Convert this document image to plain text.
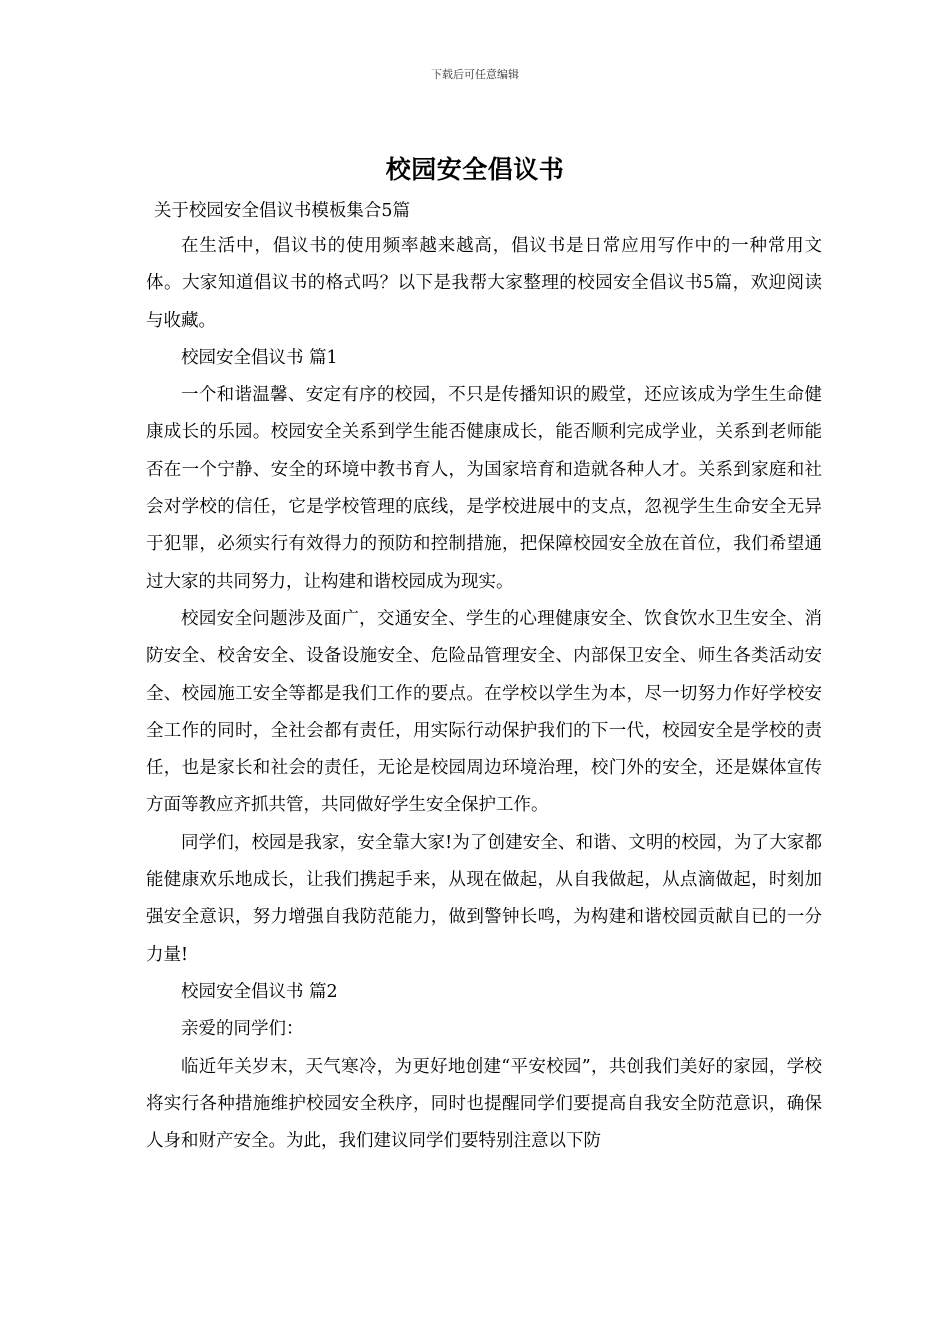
下载后可任意编辑
校园安全倡议书

关于校园安全倡议书模板集合5篇

在生活中，倡议书的使用频率越来越高，倡议书是日常应用写作中的一种常用文体。大家知道倡议书的格式吗？以下是我帮大家整理的校园安全倡议书5篇，欢迎阅读与收藏。

校园安全倡议书 篇1

一个和谐温馨、安定有序的校园，不只是传播知识的殿堂，还应该成为学生生命健康成长的乐园。校园安全关系到学生能否健康成长，能否顺利完成学业，关系到老师能否在一个宁静、安全的环境中教书育人，为国家培育和造就各种人才。关系到家庭和社会对学校的信任，它是学校管理的底线，是学校进展中的支点，忽视学生生命安全无异于犯罪，必须实行有效得力的预防和控制措施，把保障校园安全放在首位，我们希望通过大家的共同努力，让构建和谐校园成为现实。

校园安全问题涉及面广，交通安全、学生的心理健康安全、饮食饮水卫生安全、消防安全、校舍安全、设备设施安全、危险品管理安全、内部保卫安全、师生各类活动安全、校园施工安全等都是我们工作的要点。在学校以学生为本，尽一切努力作好学校安全工作的同时，全社会都有责任，用实际行动保护我们的下一代，校园安全是学校的责任，也是家长和社会的责任，无论是校园周边环境治理，校门外的安全，还是媒体宣传方面等教应齐抓共管，共同做好学生安全保护工作。

同学们，校园是我家，安全靠大家!为了创建安全、和谐、文明的校园，为了大家都能健康欢乐地成长，让我们携起手来，从现在做起，从自我做起，从点滴做起，时刻加强安全意识，努力增强自我防范能力，做到警钟长鸣，为构建和谐校园贡献自已的一分力量!

校园安全倡议书 篇2

亲爱的同学们：

临近年关岁末，天气寒冷，为更好地创建“平安校园”，共创我们美好的家园，学校将实行各种措施维护校园安全秩序，同时也提醒同学们要提高自我安全防范意识，确保人身和财产安全。为此，我们建议同学们要特别注意以下防
